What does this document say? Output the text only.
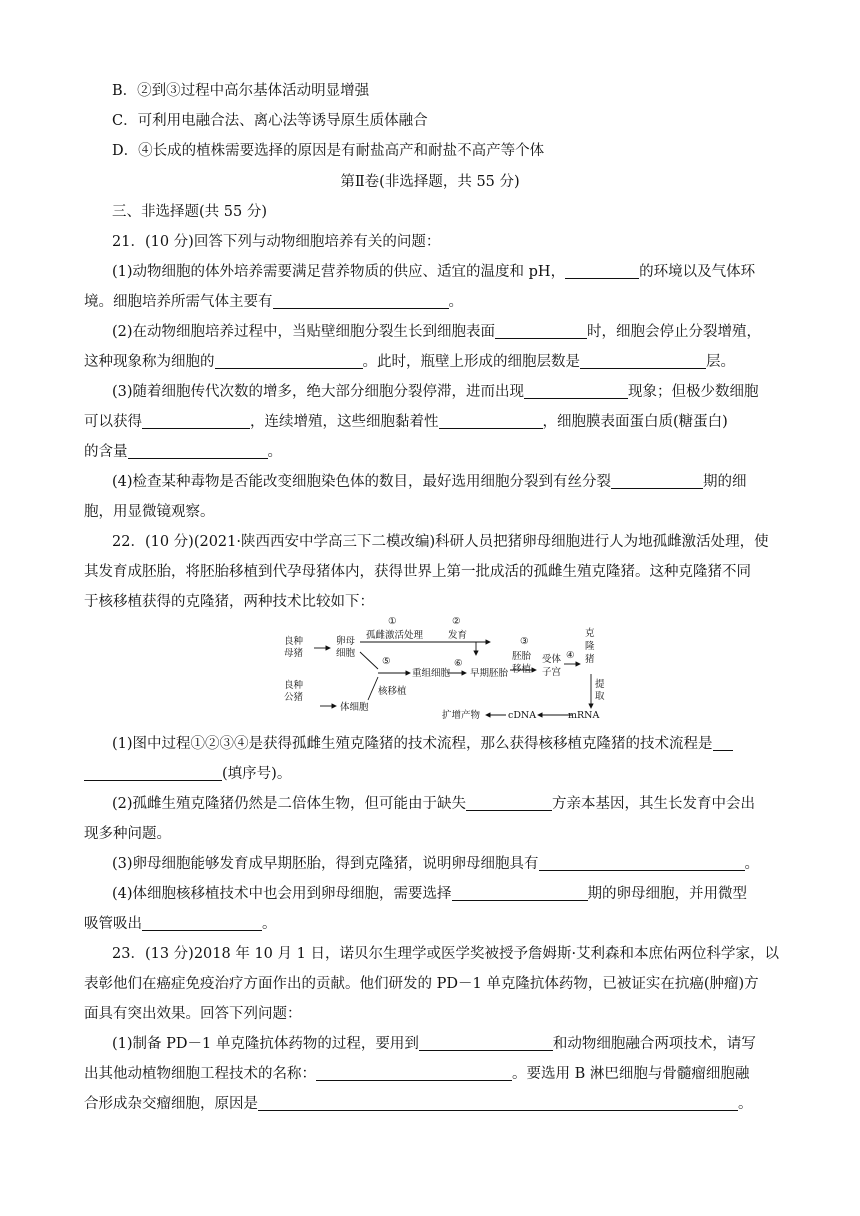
B．②到③过程中高尔基体活动明显增强
C．可利用电融合法、离心法等诱导原生质体融合
D．④长成的植株需要选择的原因是有耐盐高产和耐盐不高产等个体
第Ⅱ卷(非选择题，共 55 分)
三、非选择题(共 55 分)
21．(10 分)回答下列与动物细胞培养有关的问题：
(1)动物细胞的体外培养需要满足营养物质的供应、适宜的温度和 pH，	的环境以及气体环
境。细胞培养所需气体主要有	。
(2)在动物细胞培养过程中，当贴壁细胞分裂生长到细胞表面	时，细胞会停止分裂增殖，
这种现象称为细胞的	。此时，瓶壁上形成的细胞层数是	层。
(3)随着细胞传代次数的增多，绝大部分细胞分裂停滞，进而出现	现象；但极少数细胞
可以获得	，连续增殖，这些细胞黏着性	，细胞膜表面蛋白质(糖蛋白)
的含量	。
(4)检查某种毒物是否能改变细胞染色体的数目，最好选用细胞分裂到有丝分裂	期的细
胞，用显微镜观察。
22．(10 分)(2021·陕西西安中学高三下二模改编)科研人员把猪卵母细胞进行人为地孤雌激活处理，使
其发育成胚胎，将胚胎移植到代孕母猪体内，获得世界上第一批成活的孤雌生殖克隆猪。这种克隆猪不同
于核移植获得的克隆猪，两种技术比较如下：
良种
母猪
卵母
细胞
①
孤雌激活处理
②
发育
③
胚胎
移植
受体
子宫
④
克
隆
猪
良种
公猪
体细胞
⑤
核移植
重组细胞
⑥
早期胚胎
提
取
mRNA
cDNA
扩增产物
(1)图中过程①②③④是获得孤雌生殖克隆猪的技术流程，那么获得核移植克隆猪的技术流程是
(填序号)。
(2)孤雌生殖克隆猪仍然是二倍体生物，但可能由于缺失	方亲本基因，其生长发育中会出
现多种问题。
(3)卵母细胞能够发育成早期胚胎，得到克隆猪，说明卵母细胞具有	。
(4)体细胞核移植技术中也会用到卵母细胞，需要选择	期的卵母细胞，并用微型
吸管吸出	。
23．(13 分)2018 年 10 月 1 日，诺贝尔生理学或医学奖被授予詹姆斯·艾利森和本庶佑两位科学家，以
表彰他们在癌症免疫治疗方面作出的贡献。他们研发的 PD－1 单克隆抗体药物，已被证实在抗癌(肿瘤)方
面具有突出效果。回答下列问题：
(1)制备 PD－1 单克隆抗体药物的过程，要用到	和动物细胞融合两项技术，请写
出其他动植物细胞工程技术的名称：	。要选用 B 淋巴细胞与骨髓瘤细胞融
合形成杂交瘤细胞，原因是	。
